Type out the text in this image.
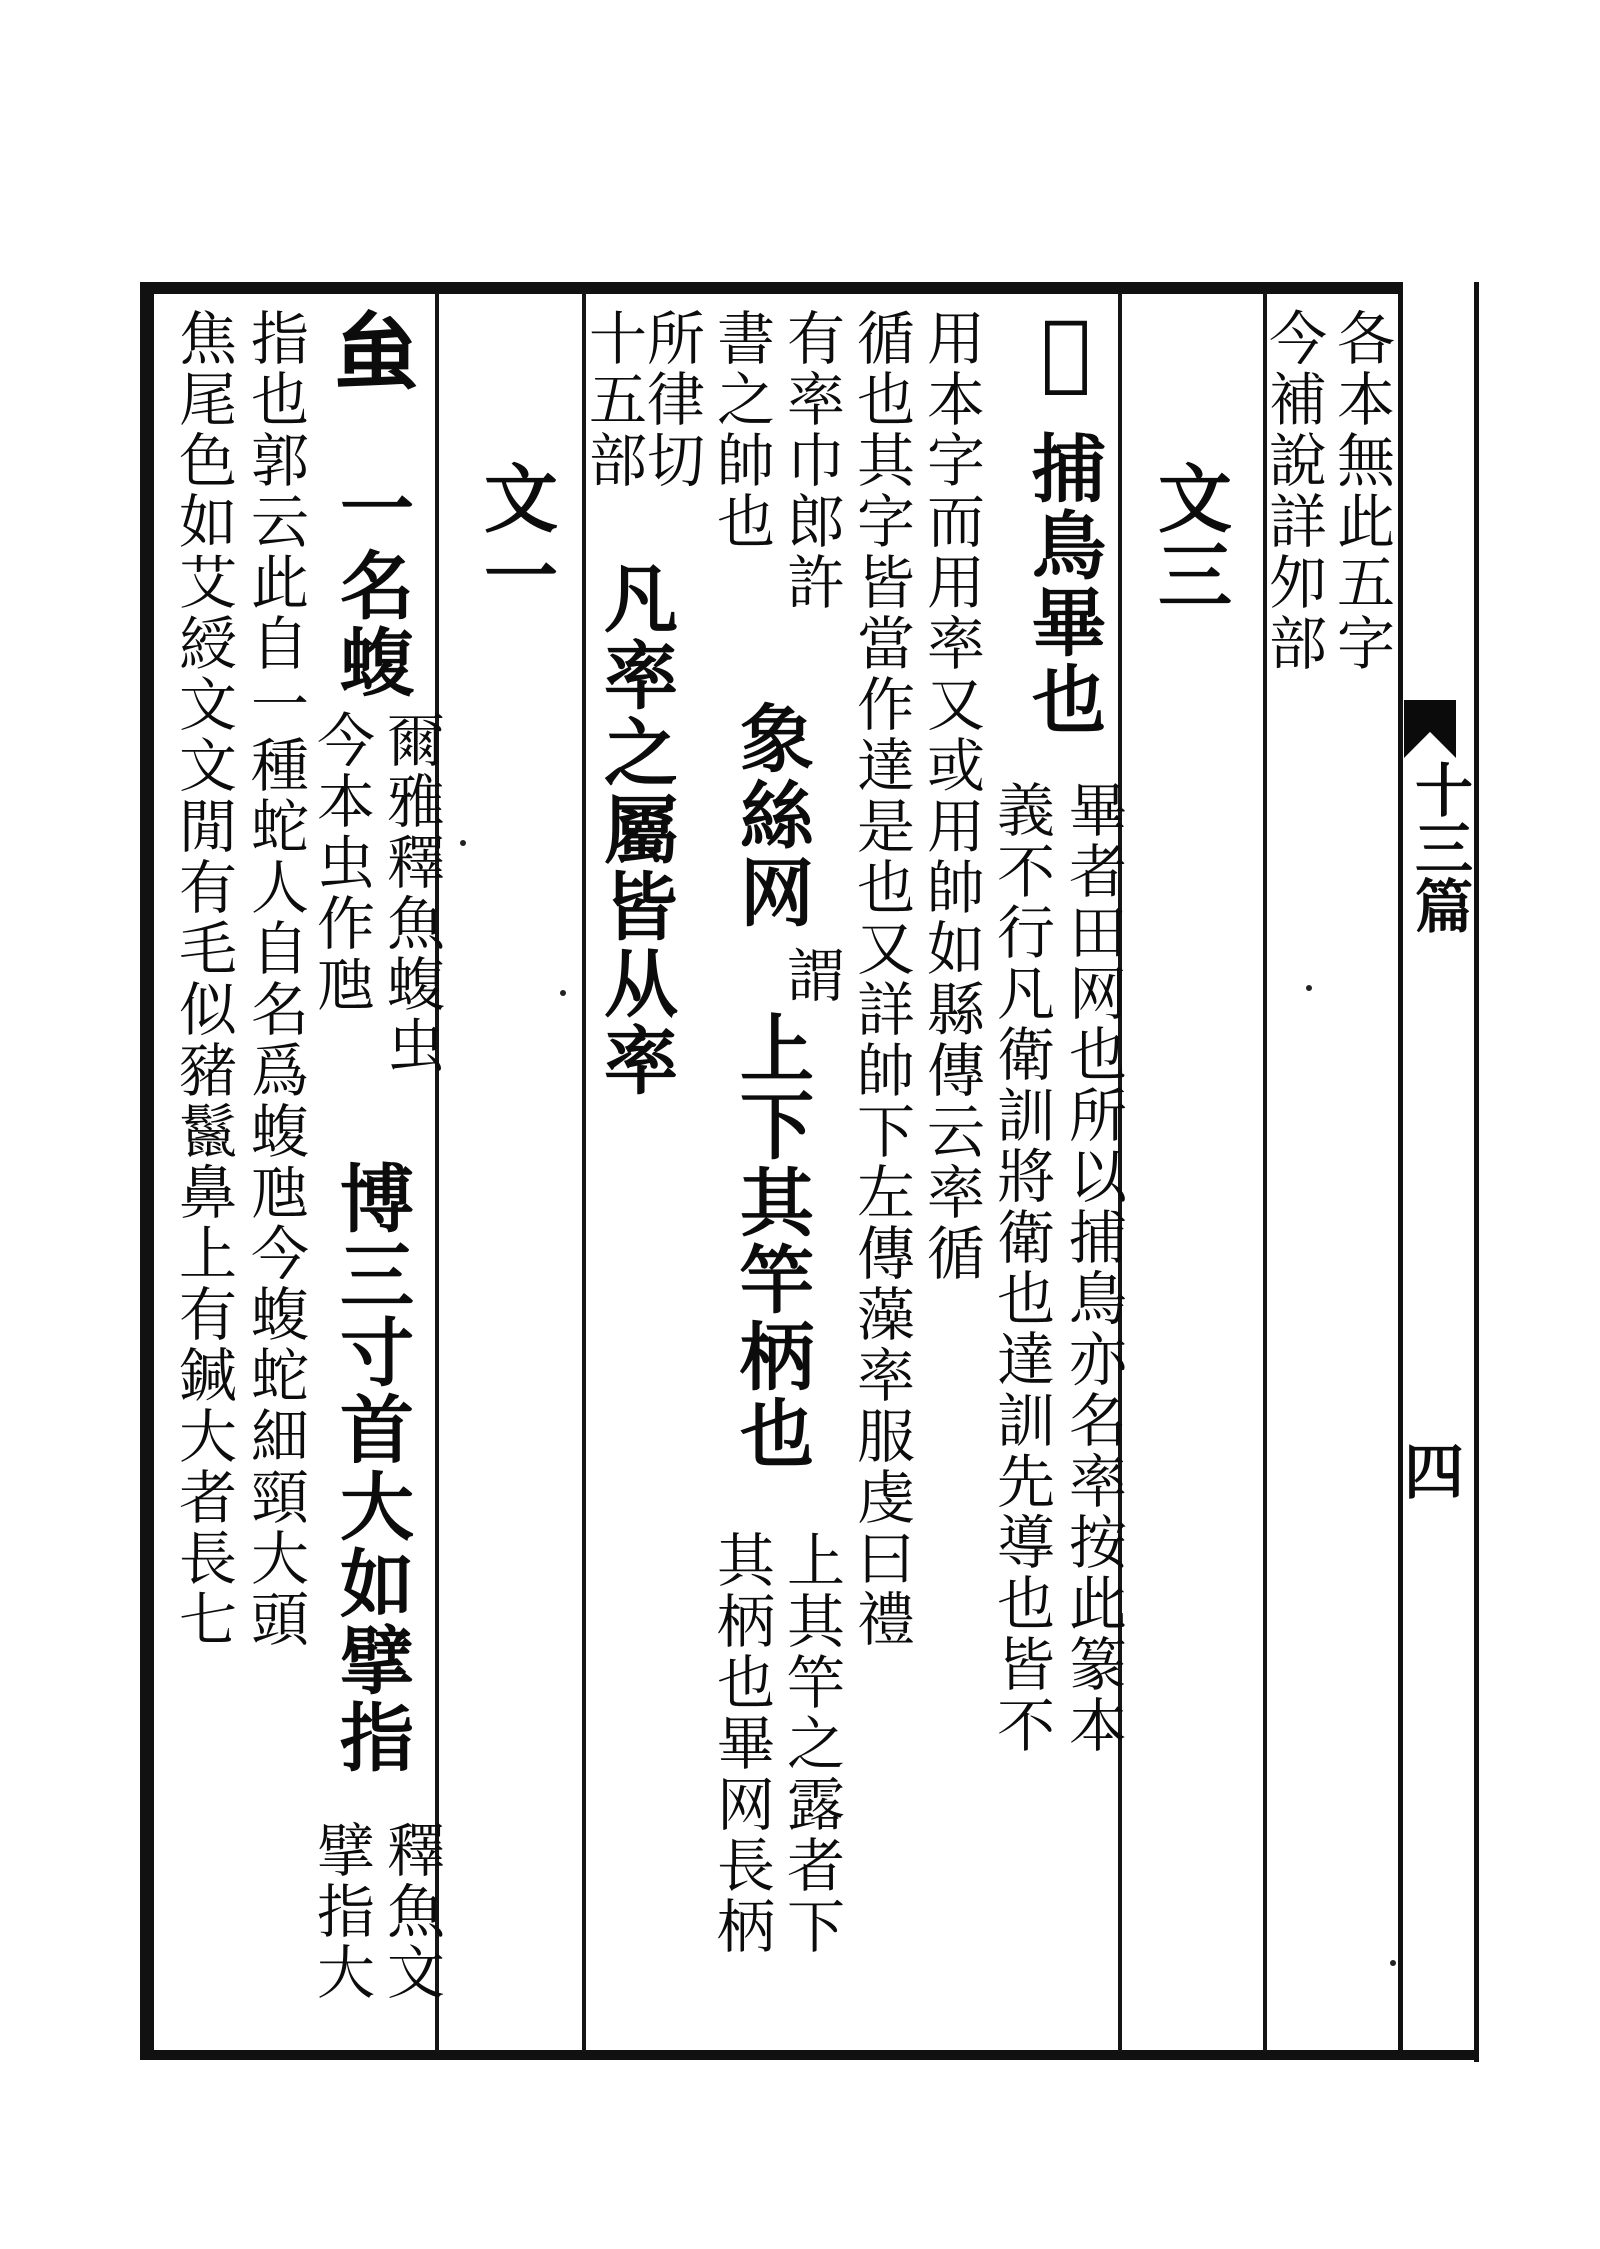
十三篇
四
各本無此五字
今補說詳夘部
文三
𤕫
捕鳥畢也
畢者田网也所以捕鳥亦名率按此篆本
義不行凡衛訓將衛也達訓先導也皆不
用本字而用率又或用帥如縣傳云率循
循也其字皆當作達是也又詳帥下左傳藻率服虔曰禮
有率巾郎許
象絲网
謂
上下其竿柄也
上其竿之露者下
書之帥也
其柄也畢网長柄
所律切
十五部
凡率之屬皆从率
文一
𧈧
一名蝮
爾雅釋魚蝮虫
博三寸首大如擘指
釋魚文
今本虫作虺
擘指大
指也郭云此自一種蛇人自名爲蝮虺今蝮蛇細頸大頭
焦尾色如艾綬文文閒有毛似豬鬣鼻上有鍼大者長七
